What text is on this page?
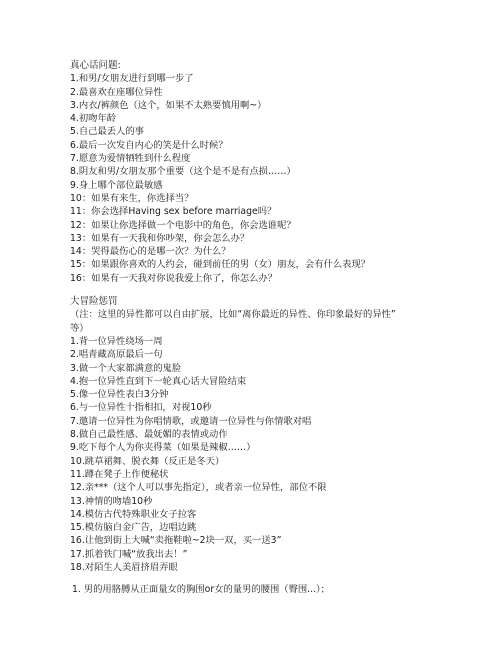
真心话问题:
1.和男/女朋友进行到哪一步了
2.最喜欢在座哪位异性
3.内衣/裤颜色（这个，如果不太熟要慎用啊~）
4.初吻年龄
5.自己最丢人的事
6.最后一次发自内心的笑是什么时候？
7.愿意为爱情牺牲到什么程度
8.阴友和男/女朋友那个重要（这个是不是有点损……）
9.身上哪个部位最敏感
10：如果有来生，你选择当？
11：你会选择Having sex before marriage吗？
12：如果让你选择做一个电影中的角色，你会选谁呢？
13：如果有一天我和你吵架，你会怎么办？
14：哭得最伤心的是哪一次？为什么？
15：如果跟你喜欢的人约会，碰到前任的男（女）朋友，会有什么表现？
16：如果有一天我对你说我爱上你了，你怎么办？
大冒险惩罚
（注：这里的异性都可以自由扩展，比如“离你最近的异性、你印象最好的异性”
等）
1.背一位异性绕场一周
2.唱青藏高原最后一句
3.做一个大家都满意的鬼脸
4.抱一位异性直到下一轮真心话大冒险结束
5.像一位异性表白3分钟
6.与一位异性十指相扣，对视10秒
7.邀请一位异性为你唱情歌，或邀请一位异性与你情歌对唱
8.做自己最性感、最妩媚的表情或动作
9.吃下每个人为你夹得菜（如果是辣椒……）
10.跳草裙舞、脱衣舞（反正是冬天）
11.蹲在凳子上作便秘状
12.亲***（这个人可以事先指定），或者亲一位异性，部位不限
13.神情的吻墙10秒
14.模仿古代特殊职业女子拉客
15.模仿脑白金广告，边唱边跳
16.让他到街上大喊“卖拖鞋啦~2块一双，买一送3”
17.抓着铁门喊“放我出去！”
18.对陌生人美眉挤眉弄眼
1. 男的用胳膊从正面量女的胸围or女的量男的腰围（臀围...）；
